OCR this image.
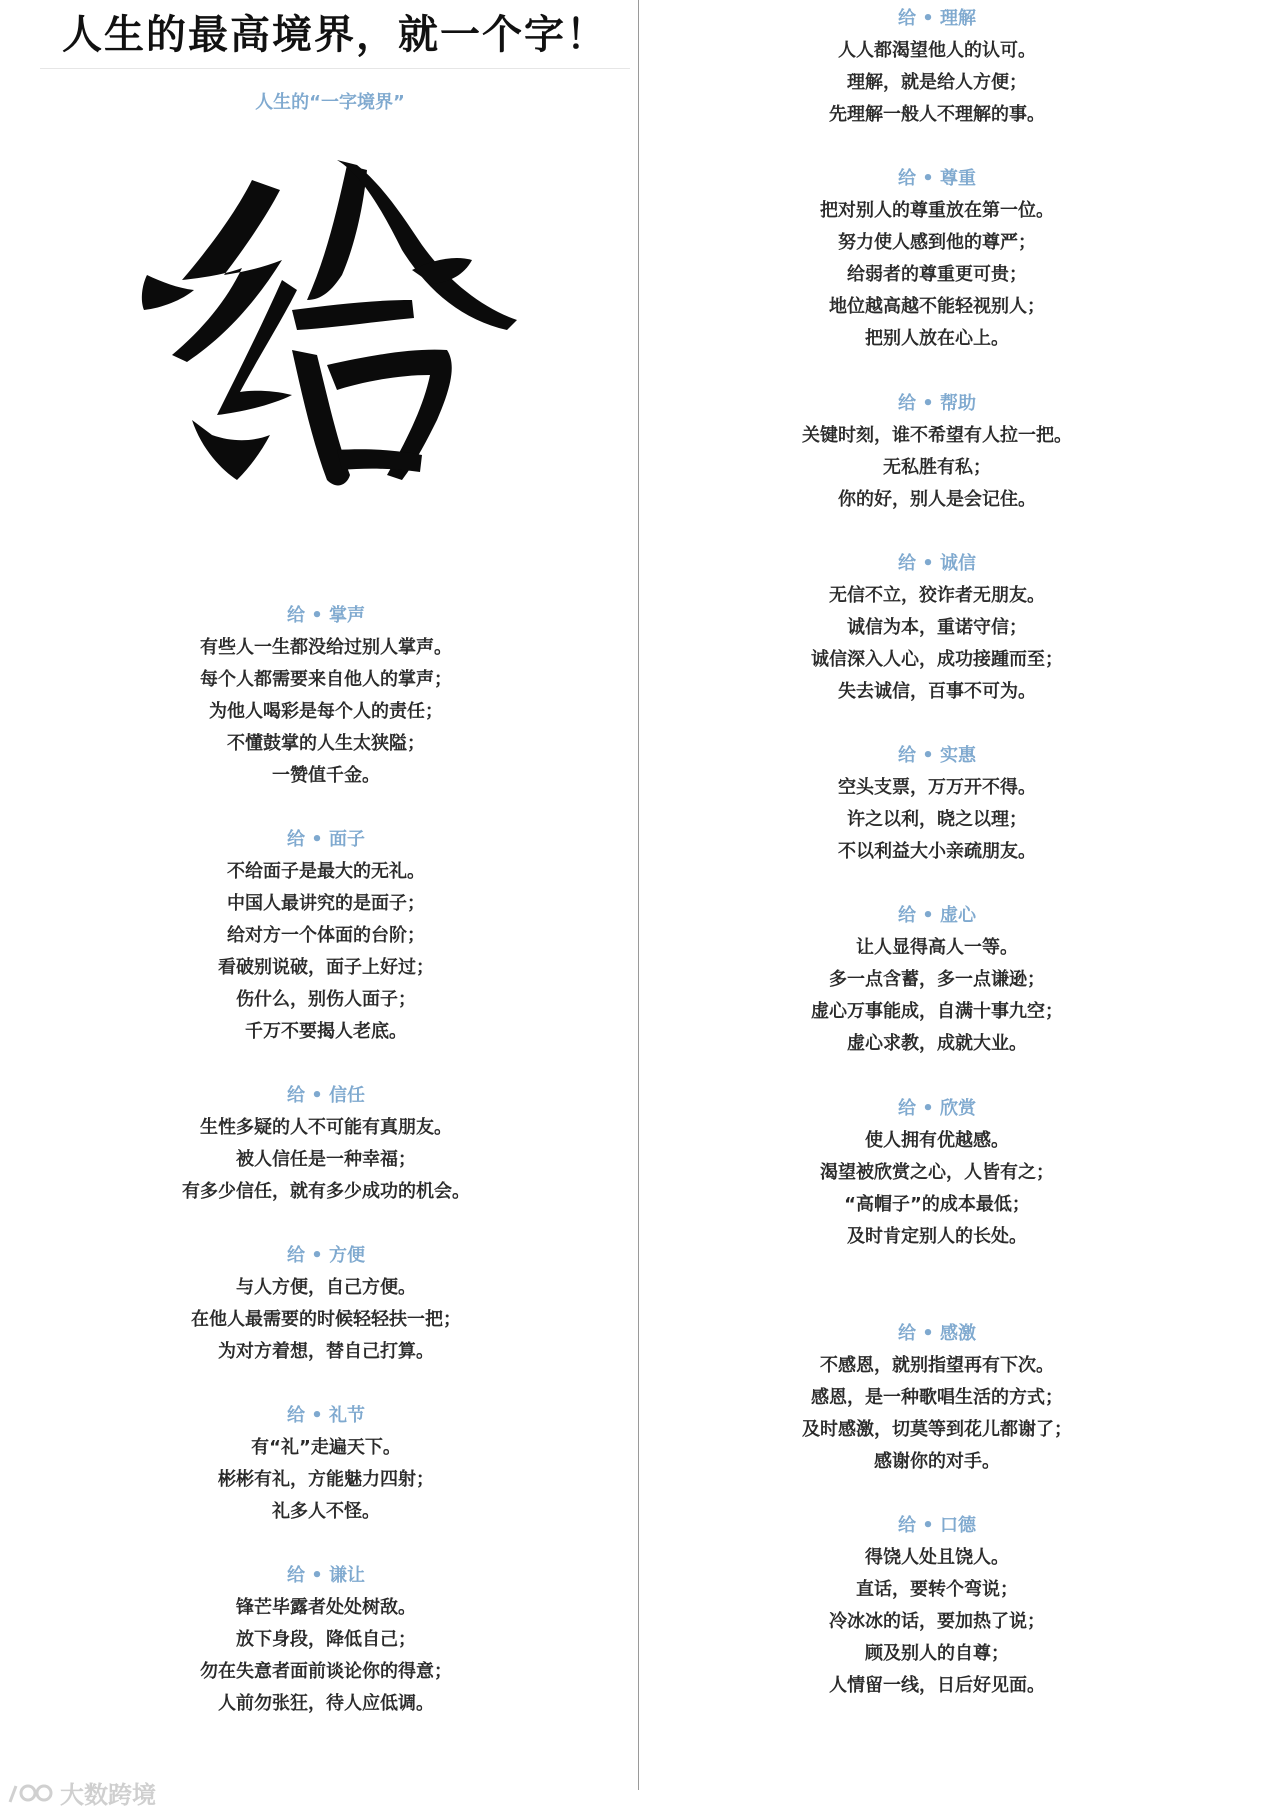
人生的最高境界，就一个字！
人生的“一字境界”
给 • 掌声
有些人一生都没给过别人掌声。
每个人都需要来自他人的掌声；
为他人喝彩是每个人的责任；
不懂鼓掌的人生太狭隘；
一赞值千金。
给 • 面子
不给面子是最大的无礼。
中国人最讲究的是面子；
给对方一个体面的台阶；
看破别说破，面子上好过；
伤什么，别伤人面子；
千万不要揭人老底。
给 • 信任
生性多疑的人不可能有真朋友。
被人信任是一种幸福；
有多少信任，就有多少成功的机会。
给 • 方便
与人方便，自己方便。
在他人最需要的时候轻轻扶一把；
为对方着想，替自己打算。
给 • 礼节
有“礼”走遍天下。
彬彬有礼，方能魅力四射；
礼多人不怪。
给 • 谦让
锋芒毕露者处处树敌。
放下身段，降低自己；
勿在失意者面前谈论你的得意；
人前勿张狂，待人应低调。
给 • 理解
人人都渴望他人的认可。
理解，就是给人方便；
先理解一般人不理解的事。
给 • 尊重
把对别人的尊重放在第一位。
努力使人感到他的尊严；
给弱者的尊重更可贵；
地位越高越不能轻视别人；
把别人放在心上。
给 • 帮助
关键时刻，谁不希望有人拉一把。
无私胜有私；
你的好，别人是会记住。
给 • 诚信
无信不立，狡诈者无朋友。
诚信为本，重诺守信；
诚信深入人心，成功接踵而至；
失去诚信，百事不可为。
给 • 实惠
空头支票，万万开不得。
许之以利，晓之以理；
不以利益大小亲疏朋友。
给 • 虚心
让人显得高人一等。
多一点含蓄，多一点谦逊；
虚心万事能成，自满十事九空；
虚心求教，成就大业。
给 • 欣赏
使人拥有优越感。
渴望被欣赏之心，人皆有之；
“高帽子”的成本最低；
及时肯定别人的长处。
给 • 感激
不感恩，就别指望再有下次。
感恩，是一种歌唱生活的方式；
及时感激，切莫等到花儿都谢了；
感谢你的对手。
给 • 口德
得饶人处且饶人。
直话，要转个弯说；
冷冰冰的话，要加热了说；
顾及别人的自尊；
人情留一线，日后好见面。
大数跨境
